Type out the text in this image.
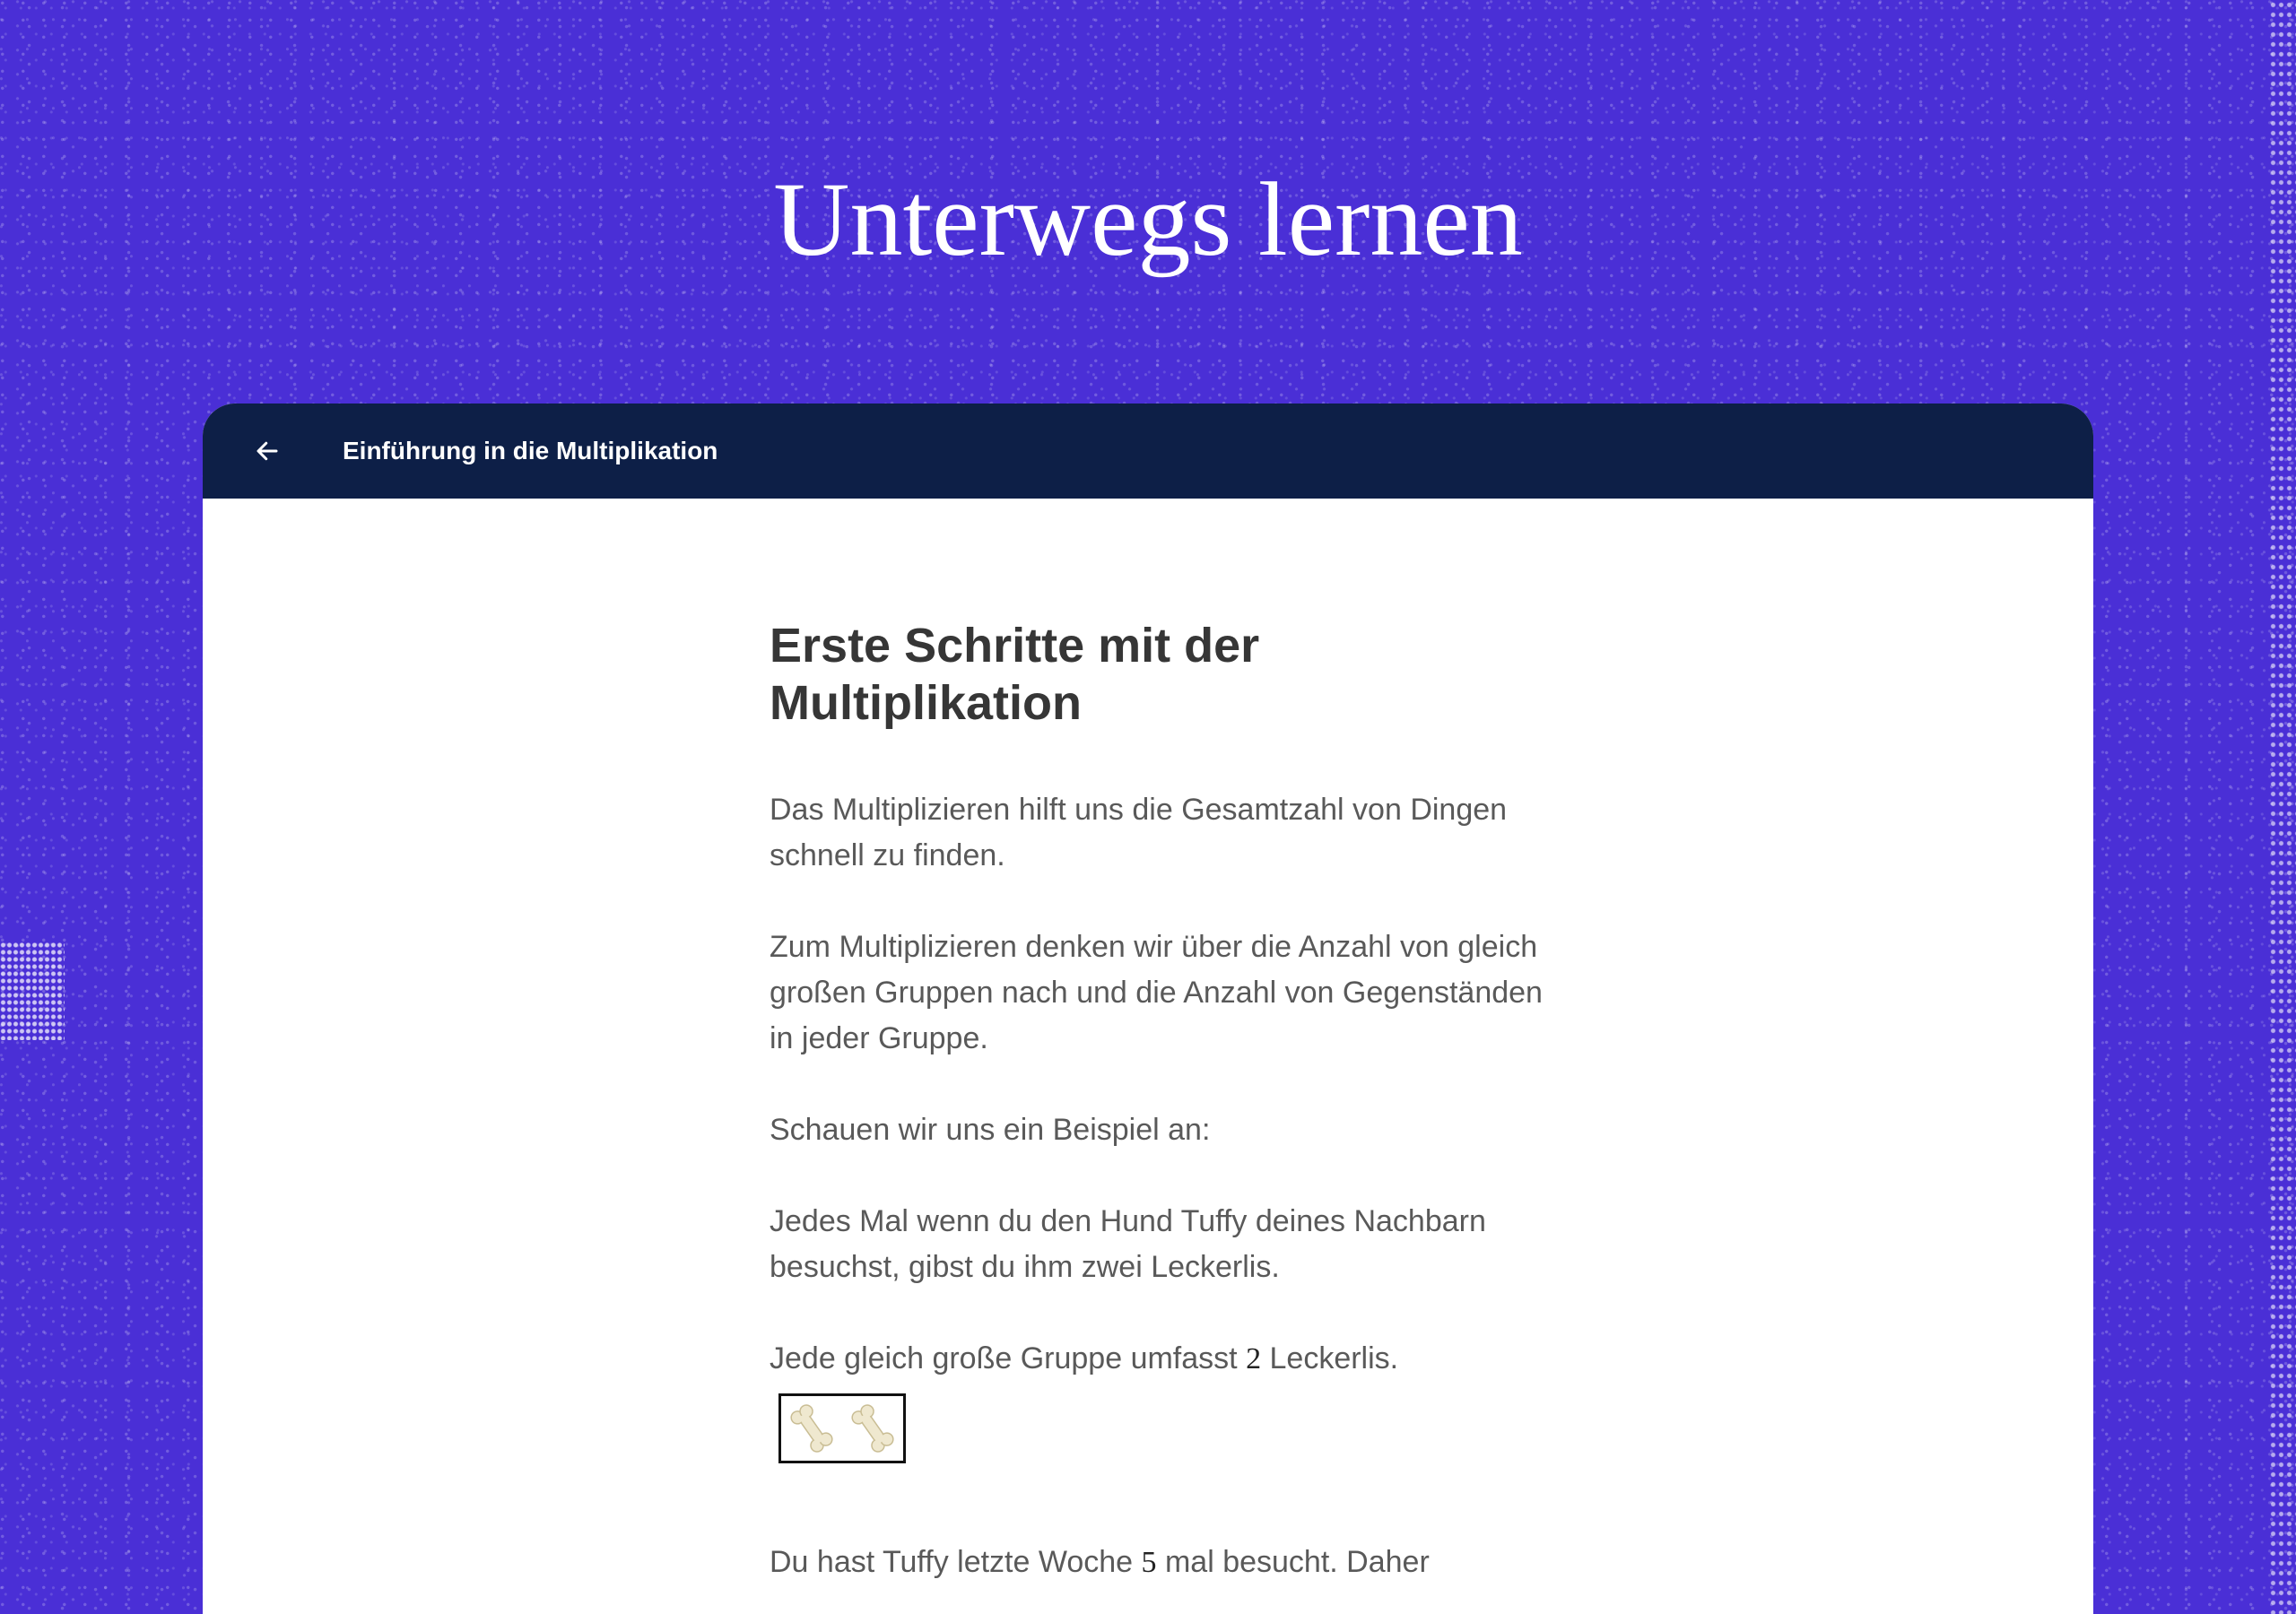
Unterwegs lernen
Einführung in die Multiplikation
Erste Schritte mit der
Multiplikation

Das Multiplizieren hilft uns die Gesamtzahl von Dingen schnell zu finden.

Zum Multiplizieren denken wir über die Anzahl von gleich großen Gruppen nach und die Anzahl von Gegenständen in jeder Gruppe.

Schauen wir uns ein Beispiel an:

Jedes Mal wenn du den Hund Tuffy deines Nachbarn besuchst, gibst du ihm zwei Leckerlis.

Jede gleich große Gruppe umfasst 2 Leckerlis.

Du hast Tuffy letzte Woche 5 mal besucht. Daher
